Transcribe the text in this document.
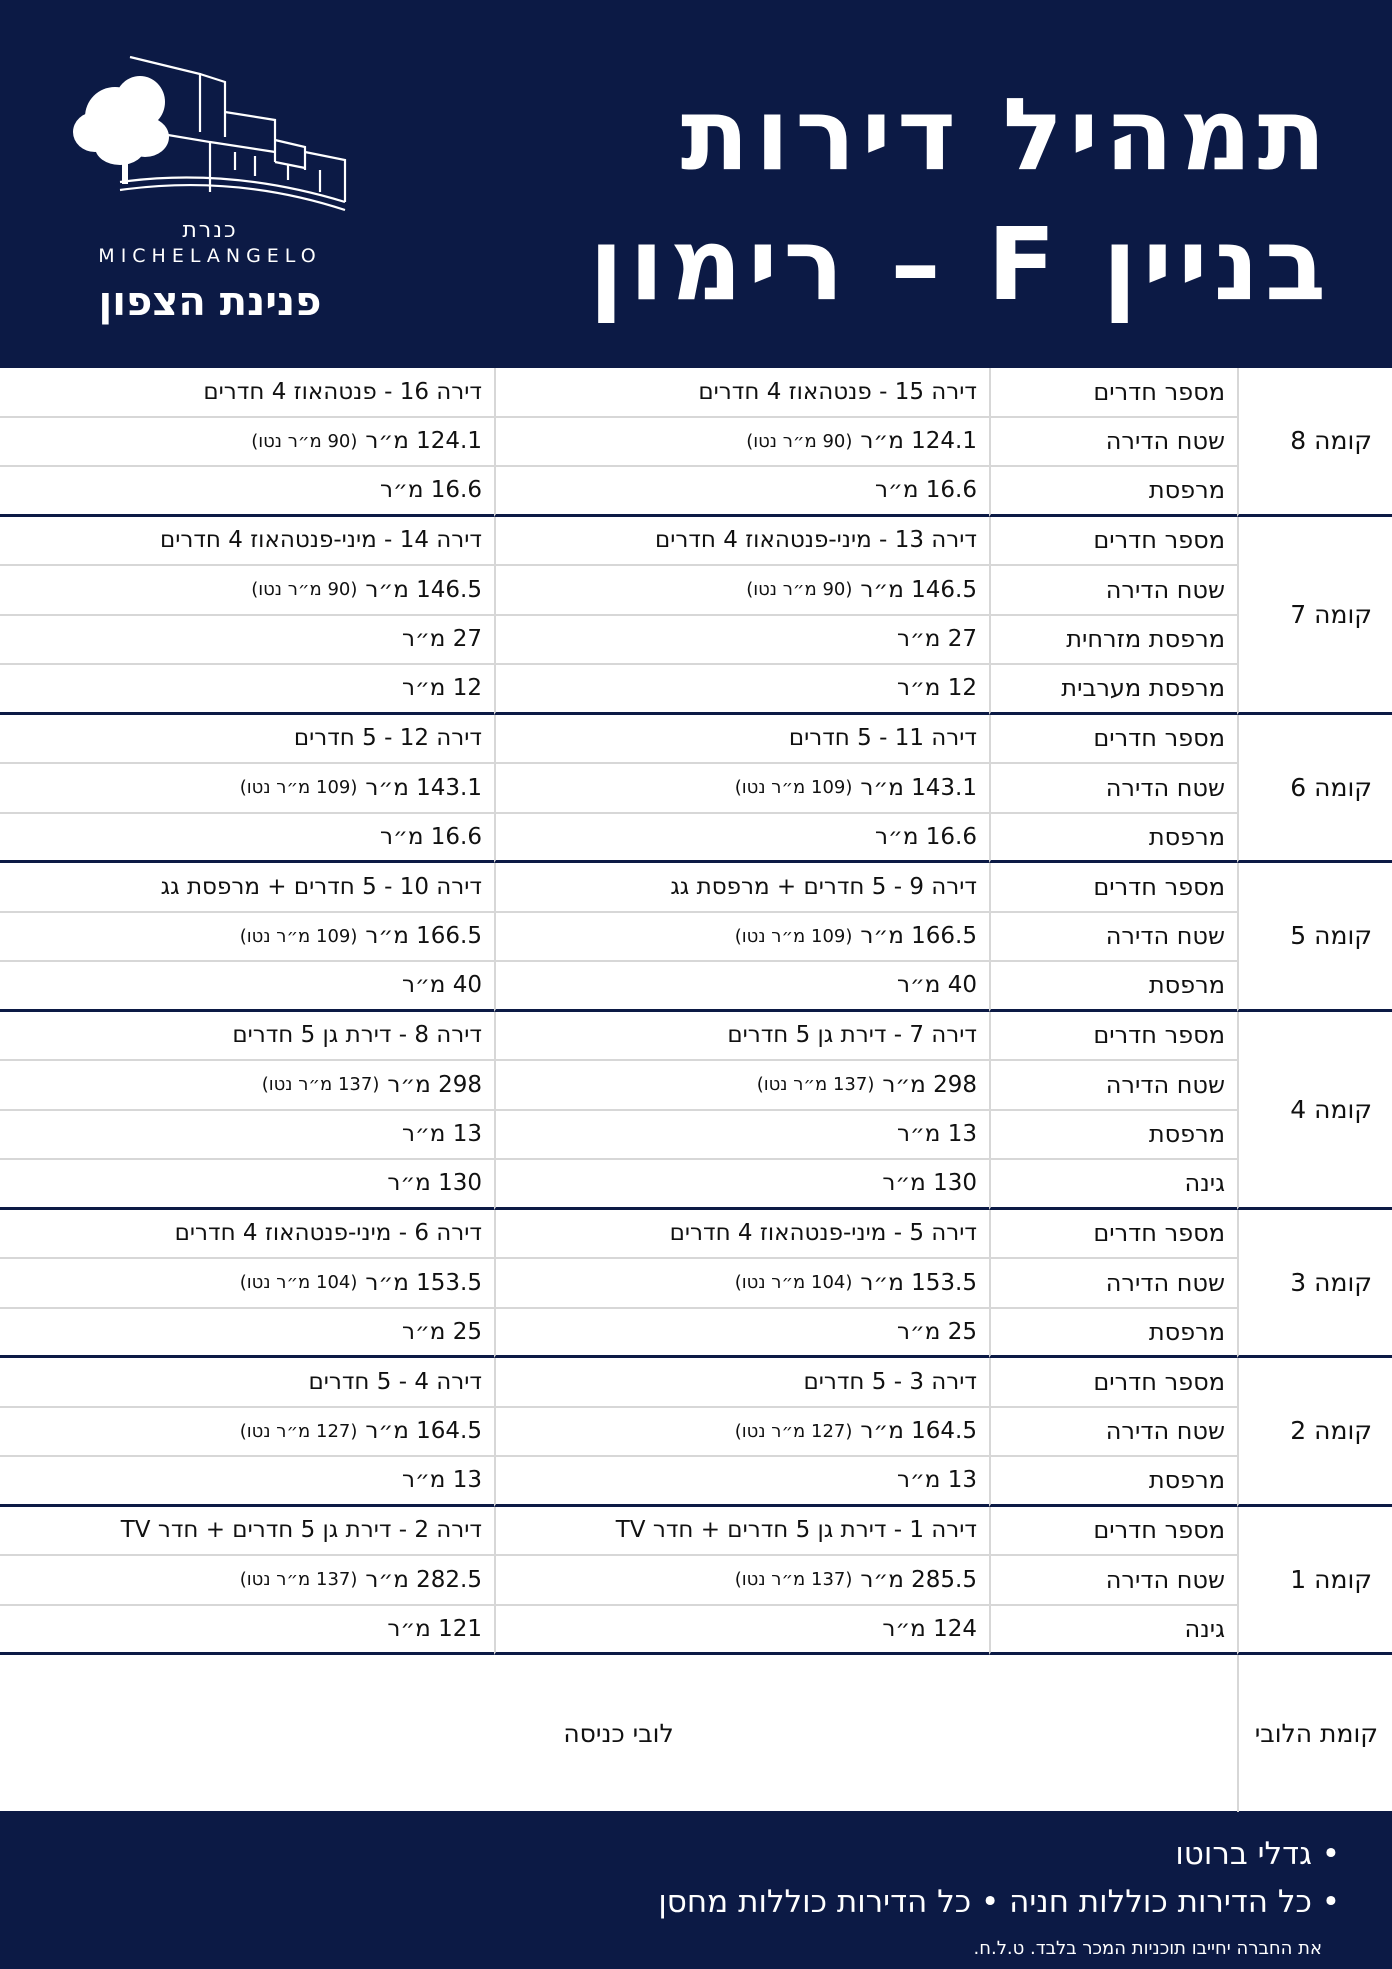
תמהיל דירות
בניין F – רימון
כנרת
MICHELANGELO
פנינת הצפון
קומה 8
מספר חדרים
דירה 15 - פנטהאוז 4 חדרים
דירה 16 - פנטהאוז 4 חדרים
שטח הדירה
124.1 מ״ר
(90 מ״ר נטו)
124.1 מ״ר
(90 מ״ר נטו)
מרפסת
16.6 מ״ר
16.6 מ״ר
קומה 7
מספר חדרים
דירה 13 - מיני-פנטהאוז 4 חדרים
דירה 14 - מיני-פנטהאוז 4 חדרים
שטח הדירה
146.5 מ״ר
(90 מ״ר נטו)
146.5 מ״ר
(90 מ״ר נטו)
מרפסת מזרחית
27 מ״ר
27 מ״ר
מרפסת מערבית
12 מ״ר
12 מ״ר
קומה 6
מספר חדרים
דירה 11 - 5 חדרים
דירה 12 - 5 חדרים
שטח הדירה
143.1 מ״ר
(109 מ״ר נטו)
143.1 מ״ר
(109 מ״ר נטו)
מרפסת
16.6 מ״ר
16.6 מ״ר
קומה 5
מספר חדרים
דירה 9 - 5 חדרים + מרפסת גג
דירה 10 - 5 חדרים + מרפסת גג
שטח הדירה
166.5 מ״ר
(109 מ״ר נטו)
166.5 מ״ר
(109 מ״ר נטו)
מרפסת
40 מ״ר
40 מ״ר
קומה 4
מספר חדרים
דירה 7 - דירת גן 5 חדרים
דירה 8 - דירת גן 5 חדרים
שטח הדירה
298 מ״ר
(137 מ״ר נטו)
298 מ״ר
(137 מ״ר נטו)
מרפסת
13 מ״ר
13 מ״ר
גינה
130 מ״ר
130 מ״ר
קומה 3
מספר חדרים
דירה 5 - מיני-פנטהאוז 4 חדרים
דירה 6 - מיני-פנטהאוז 4 חדרים
שטח הדירה
153.5 מ״ר
(104 מ״ר נטו)
153.5 מ״ר
(104 מ״ר נטו)
מרפסת
25 מ״ר
25 מ״ר
קומה 2
מספר חדרים
דירה 3 - 5 חדרים
דירה 4 - 5 חדרים
שטח הדירה
164.5 מ״ר
(127 מ״ר נטו)
164.5 מ״ר
(127 מ״ר נטו)
מרפסת
13 מ״ר
13 מ״ר
קומה 1
מספר חדרים
דירה 1 - דירת גן 5 חדרים + חדר TV
דירה 2 - דירת גן 5 חדרים + חדר TV
שטח הדירה
285.5 מ״ר
(137 מ״ר נטו)
282.5 מ״ר
(137 מ״ר נטו)
גינה
124 מ״ר
121 מ״ר
קומת הלובי
לובי כניסה
• גדלי ברוטו
• כל הדירות כוללות חניה • כל הדירות כוללות מחסן
את החברה יחייבו תוכניות המכר בלבד. ט.ל.ח.
